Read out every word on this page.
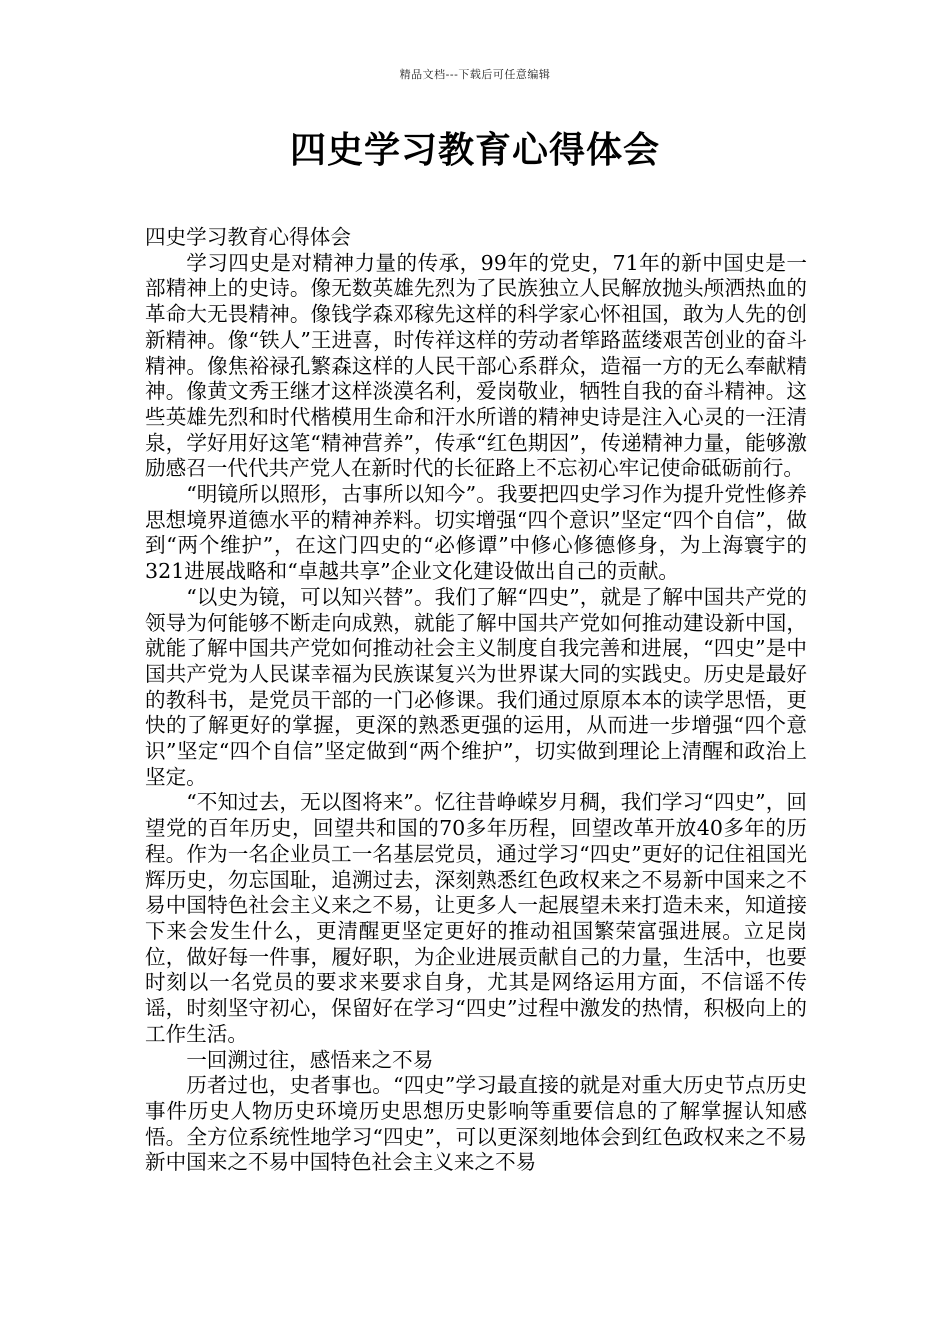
精品文档---下载后可任意编辑
四史学习教育心得体会

四史学习教育心得体会

学习四史是对精神力量的传承，99年的党史，71年的新中国史是一部精神上的史诗。像无数英雄先烈为了民族独立人民解放抛头颅洒热血的革命大无畏精神。像钱学森邓稼先这样的科学家心怀祖国，敢为人先的创新精神。像“铁人”王进喜，时传祥这样的劳动者筚路蓝缕艰苦创业的奋斗精神。像焦裕禄孔繁森这样的人民干部心系群众，造福一方的无么奉献精神。像黄文秀王继才这样淡漠名利，爱岗敬业，牺牲自我的奋斗精神。这些英雄先烈和时代楷模用生命和汗水所谱的精神史诗是注入心灵的一汪清泉，学好用好这笔“精神营养”，传承“红色期因”，传递精神力量，能够激励感召一代代共产党人在新时代的长征路上不忘初心牢记使命砥砺前行。

“明镜所以照形，古事所以知今”。我要把四史学习作为提升党性修养思想境界道德水平的精神养料。切实增强“四个意识”坚定“四个自信”，做到“两个维护”，在这门四史的“必修谭”中修心修德修身，为上海寰宇的321进展战略和“卓越共享”企业文化建设做出自己的贡献。

“以史为镜，可以知兴替”。我们了解“四史”，就是了解中国共产党的领导为何能够不断走向成熟，就能了解中国共产党如何推动建设新中国，就能了解中国共产党如何推动社会主义制度自我完善和进展，“四史”是中国共产党为人民谋幸福为民族谋复兴为世界谋大同的实践史。历史是最好的教科书，是党员干部的一门必修课。我们通过原原本本的读学思悟，更快的了解更好的掌握，更深的熟悉更强的运用，从而进一步增强“四个意识”坚定“四个自信”坚定做到“两个维护”，切实做到理论上清醒和政治上坚定。

“不知过去，无以图将来”。忆往昔峥嵘岁月稠，我们学习“四史”，回望党的百年历史，回望共和国的70多年历程，回望改革开放40多年的历程。作为一名企业员工一名基层党员，通过学习“四史”更好的记住祖国光辉历史，勿忘国耻，追溯过去，深刻熟悉红色政权来之不易新中国来之不易中国特色社会主义来之不易，让更多人一起展望未来打造未来，知道接下来会发生什么，更清醒更坚定更好的推动祖国繁荣富强进展。立足岗位，做好每一件事，履好职，为企业进展贡献自己的力量，生活中，也要时刻以一名党员的要求来要求自身，尤其是网络运用方面，不信谣不传谣，时刻坚守初心，保留好在学习“四史”过程中激发的热情，积极向上的工作生活。

一回溯过往，感悟来之不易

历者过也，史者事也。“四史”学习最直接的就是对重大历史节点历史事件历史人物历史环境历史思想历史影响等重要信息的了解掌握认知感悟。全方位系统性地学习“四史”，可以更深刻地体会到红色政权来之不易新中国来之不易中国特色社会主义来之不易
